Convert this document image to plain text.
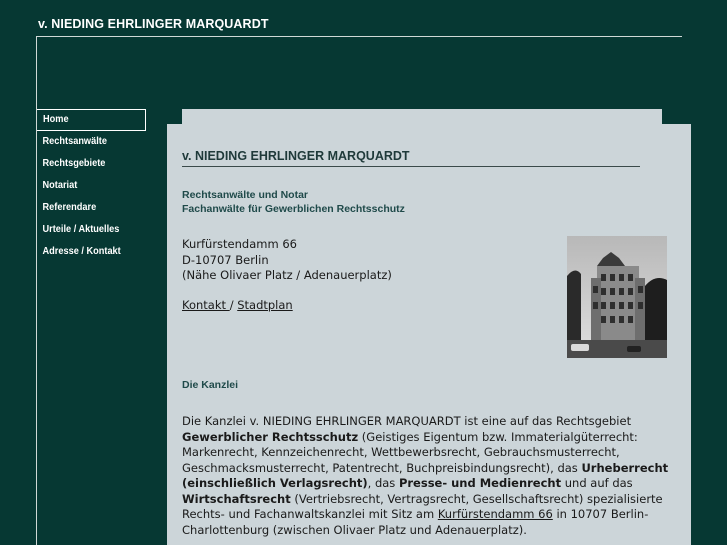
v. NIEDING EHRLINGER MARQUARDT
Home
Rechtsanwälte
Rechtsgebiete
Notariat
Referendare
Urteile / Aktuelles
Adresse / Kontakt
v. NIEDING EHRLINGER MARQUARDT
Rechtsanwälte und Notar
Fachanwälte für Gewerblichen Rechtsschutz
Kurfürstendamm 66
D-10707 Berlin
(Nähe Olivaer Platz / Adenauerplatz)
Kontakt / Stadtplan
Die Kanzlei
Die Kanzlei v. NIEDING EHRLINGER MARQUARDT ist eine auf das Rechtsgebiet Gewerblicher Rechtsschutz (Geistiges Eigentum bzw. Immaterialgüterrecht: Markenrecht, Kennzeichenrecht, Wettbewerbsrecht, Gebrauchsmusterrecht, Geschmacksmusterrecht, Patentrecht, Buchpreisbindungsrecht), das Urheberrecht (einschließlich Verlagsrecht), das Presse- und Medienrecht und auf das Wirtschaftsrecht (Vertriebsrecht, Vertragsrecht, Gesellschaftsrecht) spezialisierte Rechts- und Fachanwaltskanzlei mit Sitz am Kurfürstendamm 66 in 10707 Berlin-Charlottenburg (zwischen Olivaer Platz und Adenauerplatz).
